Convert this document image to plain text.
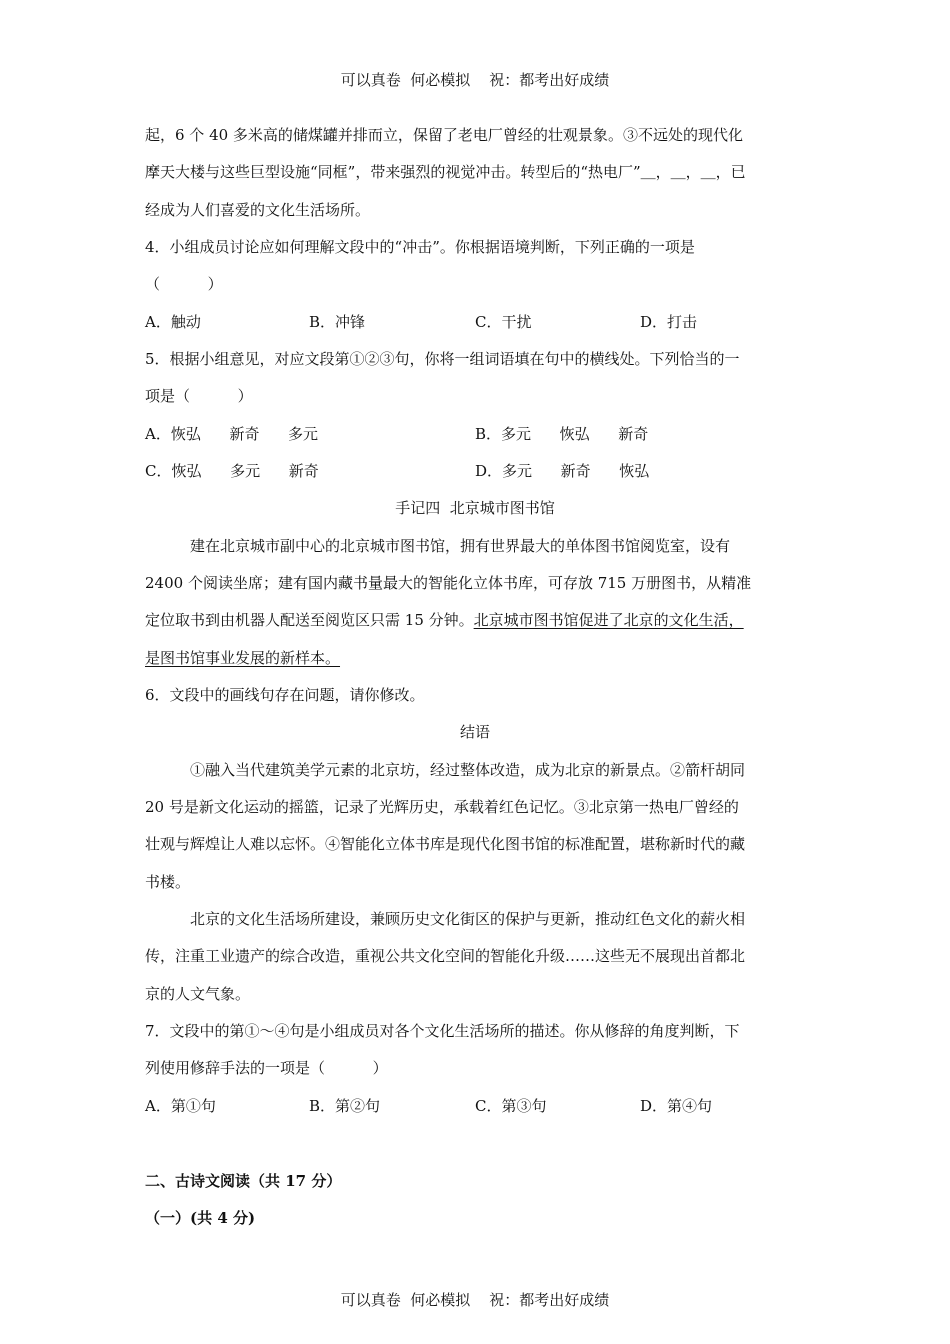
可以真卷  何必模拟    祝：都考出好成绩
起，6 个 40 多米高的储煤罐并排而立，保留了老电厂曾经的壮观景象。③不远处的现代化
摩天大楼与这些巨型设施“同框”，带来强烈的视觉冲击。转型后的“热电厂”＿，＿，＿，已
经成为人们喜爱的文化生活场所。
4．小组成员讨论应如何理解文段中的“冲击”。你根据语境判断，下列正确的一项是
（          ）
A．触动	B．冲锋	C．干扰	D．打击
5．根据小组意见，对应文段第①②③句，你将一组词语填在句中的横线处。下列恰当的一
项是（          ）
A．恢弘      新奇      多元	B．多元      恢弘      新奇
C．恢弘      多元      新奇	D．多元      新奇      恢弘
手记四  北京城市图书馆
建在北京城市副中心的北京城市图书馆，拥有世界最大的单体图书馆阅览室，设有
2400 个阅读坐席；建有国内藏书量最大的智能化立体书库，可存放 715 万册图书，从精准
定位取书到由机器人配送至阅览区只需 15 分钟。北京城市图书馆促进了北京的文化生活，
是图书馆事业发展的新样本。
6．文段中的画线句存在问题，请你修改。
结语
①融入当代建筑美学元素的北京坊，经过整体改造，成为北京的新景点。②箭杆胡同
20 号是新文化运动的摇篮，记录了光辉历史，承载着红色记忆。③北京第一热电厂曾经的
壮观与辉煌让人难以忘怀。④智能化立体书库是现代化图书馆的标准配置，堪称新时代的藏
书楼。
北京的文化生活场所建设，兼顾历史文化街区的保护与更新，推动红色文化的薪火相
传，注重工业遗产的综合改造，重视公共文化空间的智能化升级……这些无不展现出首都北
京的人文气象。
7．文段中的第①～④句是小组成员对各个文化生活场所的描述。你从修辞的角度判断，下
列使用修辞手法的一项是（          ）
A．第①句	B．第②句	C．第③句	D．第④句
二、古诗文阅读（共 17 分）
（一）(共 4 分)
可以真卷  何必模拟    祝：都考出好成绩
